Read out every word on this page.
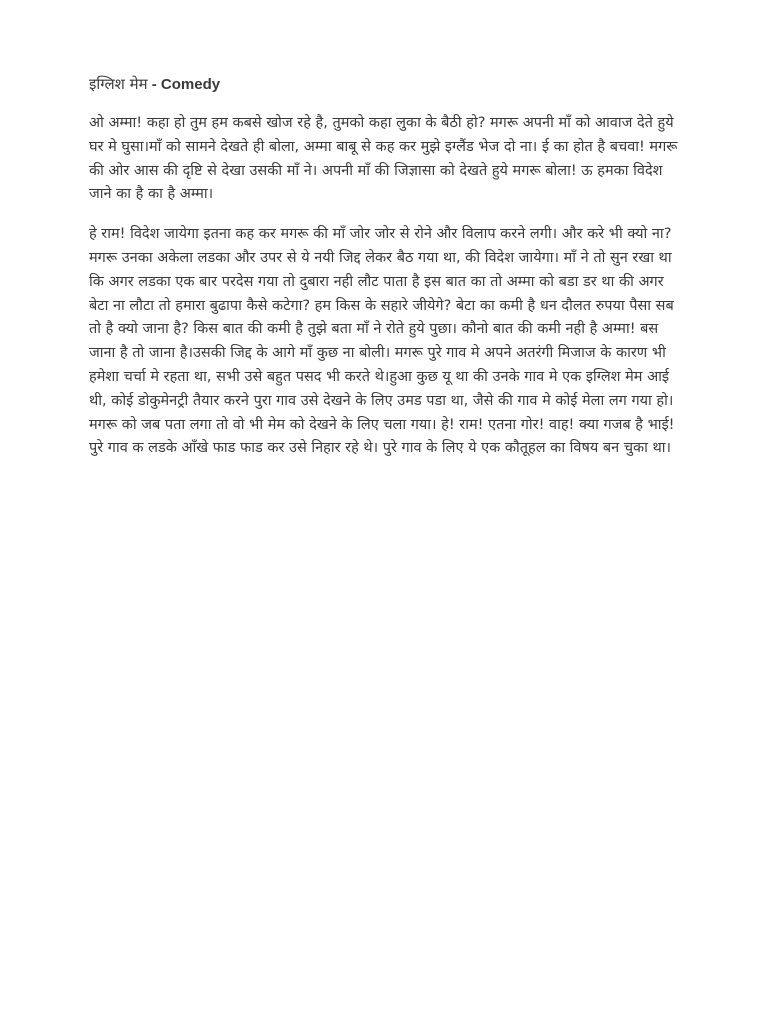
इग्लिश मेम - Comedy

ओ अम्मा! कहा हो तुम हम कबसे खोज रहे है, तुमको कहा लुका के बैठी हो? मगरू अपनी माँ को आवाज देते हुये घर मे घुसा।माँ को सामने देखते ही बोला, अम्मा बाबू से कह कर मुझे इग्लैंड भेज दो ना। ई का होत है बचवा! मगरू की ओर आस की दृष्टि से देखा उसकी माँ ने। अपनी माँ की जिज्ञासा को देखते हुये मगरू बोला! ऊ हमका विदेश जाने का है का है अम्मा।

हे राम! विदेश जायेगा इतना कह कर मगरू की माँ जोर जोर से रोने और विलाप करने लगी। और करे भी क्यो ना? मगरू उनका अकेला लडका और उपर से ये नयी जिद्द लेकर बैठ गया था, की विदेश जायेगा। माँ ने तो सुन रखा था कि अगर लडका एक बार परदेस गया तो दुबारा नही लौट पाता है इस बात का तो अम्मा को बडा डर था की अगर बेटा ना लौटा तो हमारा बुढापा कैसे कटेगा? हम किस के सहारे जीयेगे? बेटा का कमी है धन दौलत रुपया पैसा सब तो है क्यो जाना है? किस बात की कमी है तुझे बता माँ ने रोते हुये पुछा। कौनो बात की कमी नही है अम्मा! बस जाना है तो जाना है।उसकी जिद्द के आगे माँ कुछ ना बोली। मगरू पुरे गाव मे अपने अतरंगी मिजाज के कारण भी हमेशा चर्चा मे रहता था, सभी उसे बहुत पसद भी करते थे।हुआ कुछ यू था की उनके गाव मे एक इग्लिश मेम आई थी, कोई डोकुमेनट्री तैयार करने पुरा गाव उसे देखने के लिए उमड पडा था, जैसे की गाव मे कोई मेला लग गया हो।मगरू को जब पता लगा तो वो भी मेम को देखने के लिए चला गया। हे! राम! एतना गोर! वाह! क्या गजब है भाई! पुरे गाव क लडके आँखे फाड फाड कर उसे निहार रहे थे। पुरे गाव के लिए ये एक कौतूहल का विषय बन चुका था।
